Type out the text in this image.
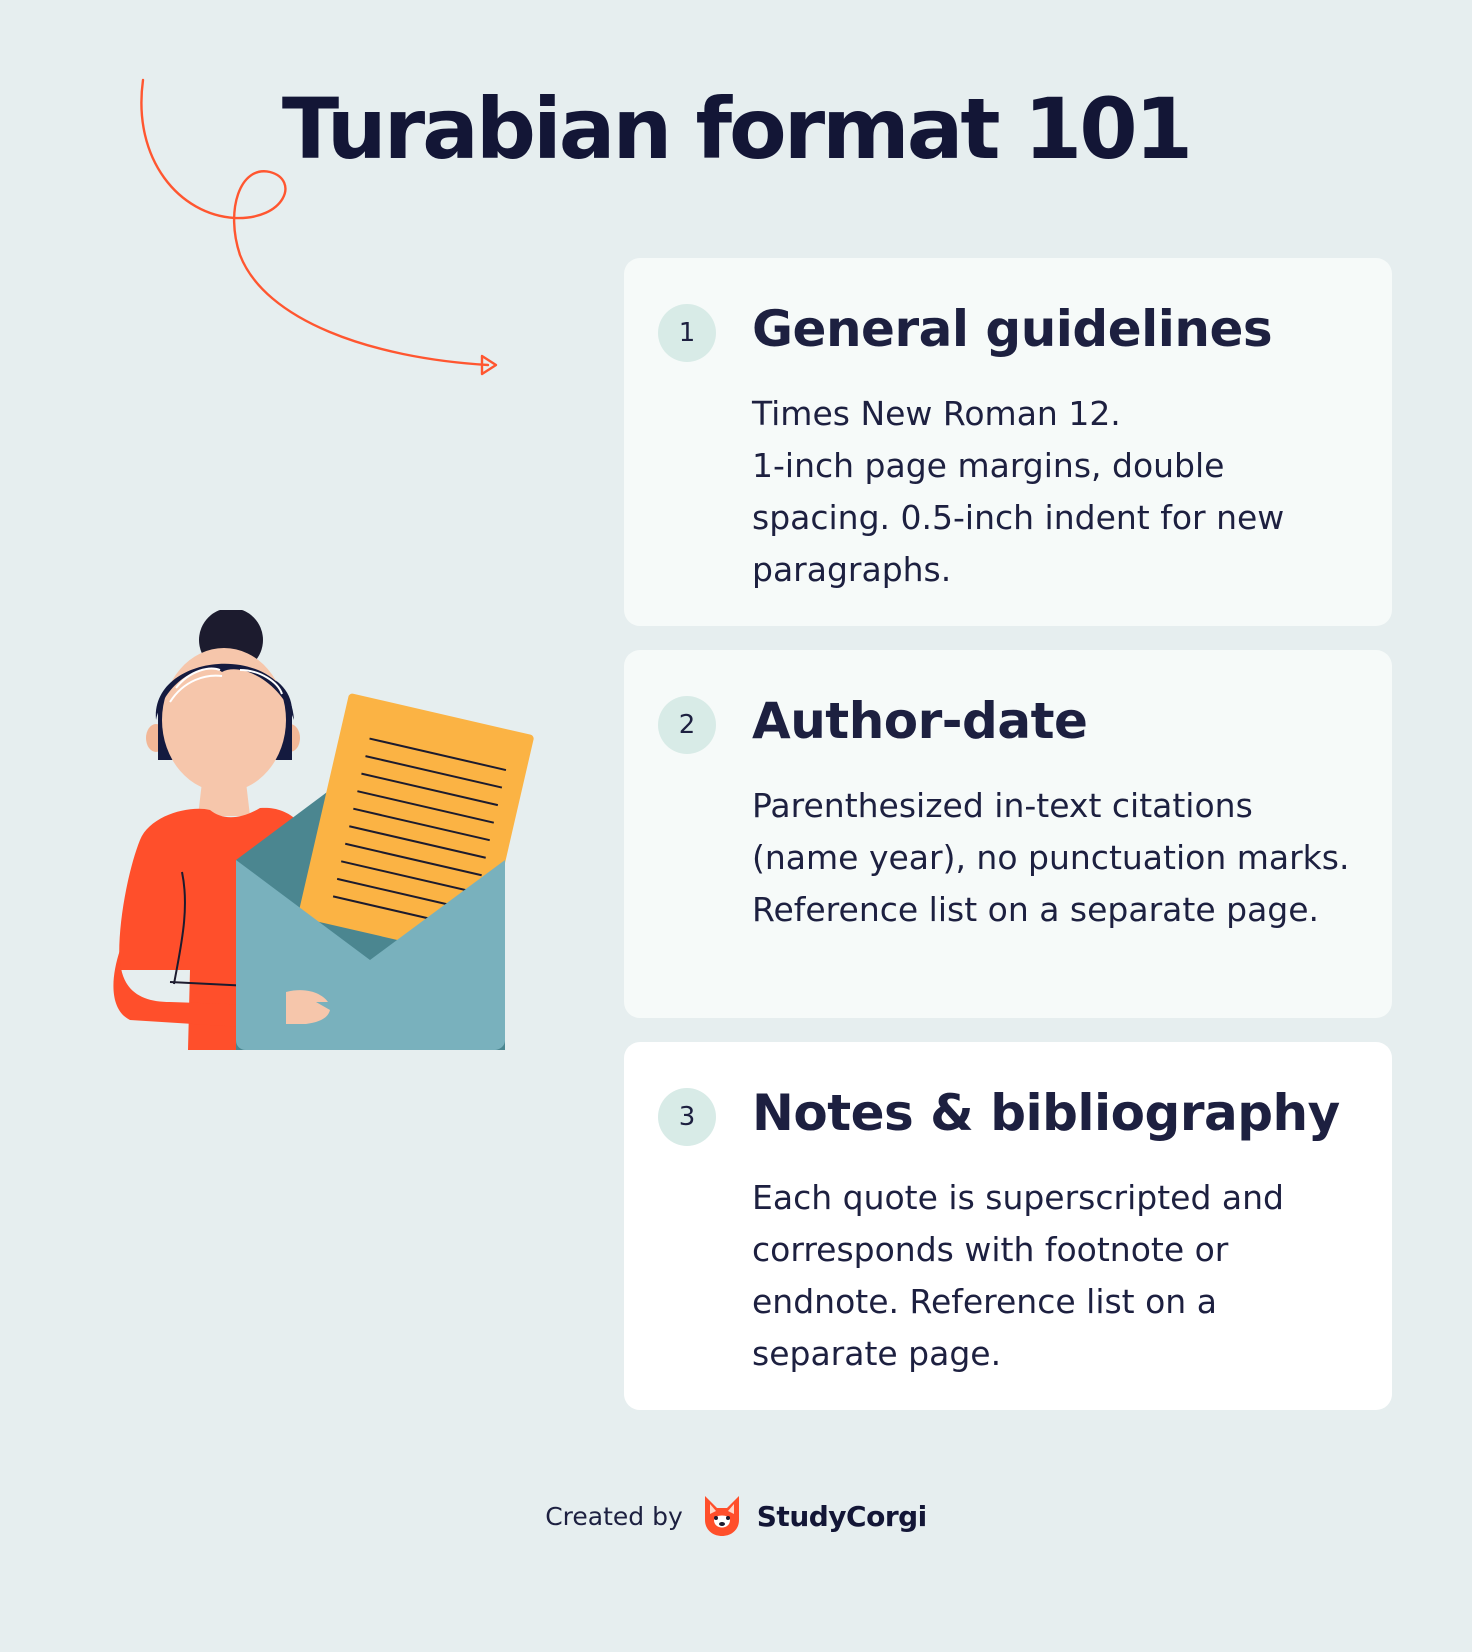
Turabian format 101
1	General guidelines

Times New Roman 12.
1-inch page margins, double spacing. 0.5-inch indent for new paragraphs.

2	Author-date

Parenthesized in-text citations (name year), no punctuation marks. Reference list on a separate page.

3	Notes & bibliography

Each quote is superscripted and corresponds with footnote or endnote. Reference list on a separate page.

Created by	StudyCorgi
